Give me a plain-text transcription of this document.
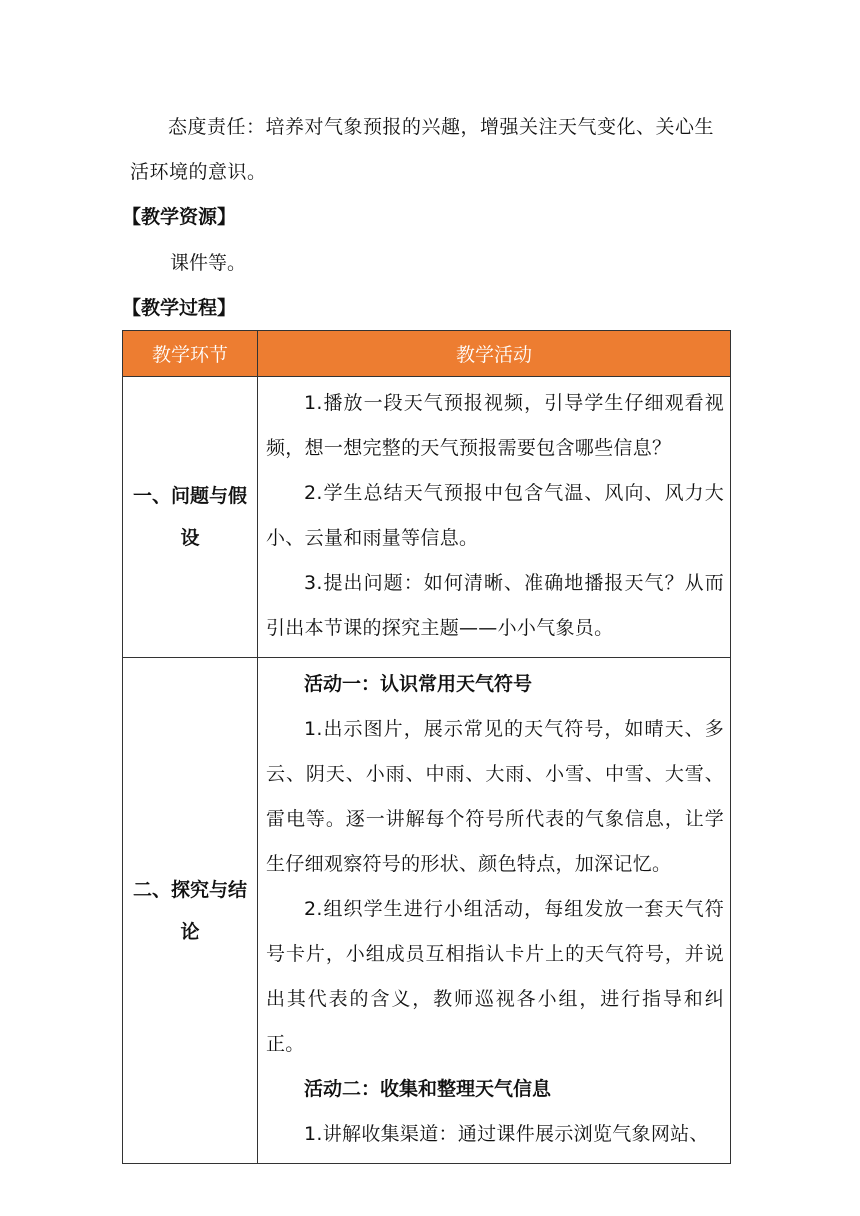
态度责任：培养对气象预报的兴趣，增强关注天气变化、关心生活环境的意识。

【教学资源】

课件等。

【教学过程】

教学环节	教学活动
一、问题与假设	1.播放一段天气预报视频，引导学生仔细观看视频，想一想完整的天气预报需要包含哪些信息？

2.学生总结天气预报中包含气温、风向、风力大小、云量和雨量等信息。

3.提出问题：如何清晰、准确地播报天气？从而引出本节课的探究主题——小小气象员。

二、探究与结论	活动一：认识常用天气符号

1.出示图片，展示常见的天气符号，如晴天、多云、阴天、小雨、中雨、大雨、小雪、中雪、大雪、雷电等。逐一讲解每个符号所代表的气象信息，让学生仔细观察符号的形状、颜色特点，加深记忆。

2.组织学生进行小组活动，每组发放一套天气符号卡片，小组成员互相指认卡片上的天气符号，并说出其代表的含义，教师巡视各小组，进行指导和纠正。

活动二：收集和整理天气信息

1.讲解收集渠道：通过课件展示浏览气象网站、
